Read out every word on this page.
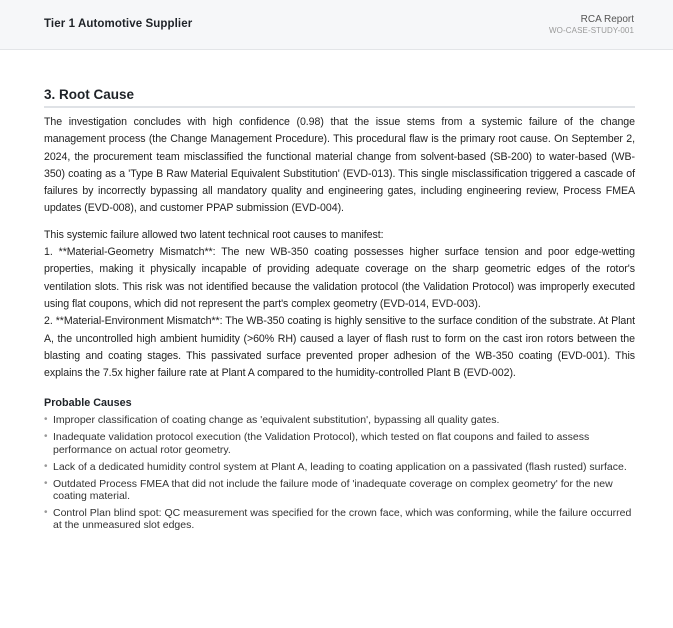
Tier 1 Automotive Supplier	RCA Report
WO-CASE-STUDY-001
3. Root Cause

The investigation concludes with high confidence (0.98) that the issue stems from a systemic failure of the change management process (the Change Management Procedure). This procedural flaw is the primary root cause. On September 2, 2024, the procurement team misclassified the functional material change from solvent-based (SB-200) to water-based (WB-350) coating as a 'Type B Raw Material Equivalent Substitution' (EVD-013). This single misclassification triggered a cascade of failures by incorrectly bypassing all mandatory quality and engineering gates, including engineering review, Process FMEA updates (EVD-008), and customer PPAP submission (EVD-004).

This systemic failure allowed two latent technical root causes to manifest:
1. **Material-Geometry Mismatch**: The new WB-350 coating possesses higher surface tension and poor edge-wetting properties, making it physically incapable of providing adequate coverage on the sharp geometric edges of the rotor's ventilation slots. This risk was not identified because the validation protocol (the Validation Protocol) was improperly executed using flat coupons, which did not represent the part's complex geometry (EVD-014, EVD-003).
2. **Material-Environment Mismatch**: The WB-350 coating is highly sensitive to the surface condition of the substrate. At Plant A, the uncontrolled high ambient humidity (>60% RH) caused a layer of flash rust to form on the cast iron rotors between the blasting and coating stages. This passivated surface prevented proper adhesion of the WB-350 coating (EVD-001). This explains the 7.5x higher failure rate at Plant A compared to the humidity-controlled Plant B (EVD-002).
Probable Causes
• Improper classification of coating change as 'equivalent substitution', bypassing all quality gates.
• Inadequate validation protocol execution (the Validation Protocol), which tested on flat coupons and failed to assess performance on actual rotor geometry.
• Lack of a dedicated humidity control system at Plant A, leading to coating application on a passivated (flash rusted) surface.
• Outdated Process FMEA that did not include the failure mode of 'inadequate coverage on complex geometry' for the new coating material.
• Control Plan blind spot: QC measurement was specified for the crown face, which was conforming, while the failure occurred at the unmeasured slot edges.
